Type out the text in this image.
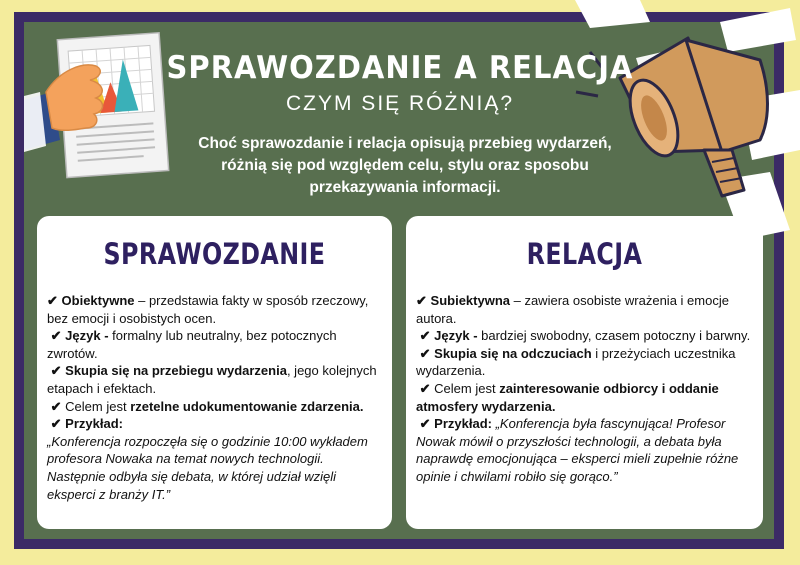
SPRAWOZDANIE A RELACJA
CZYM SIĘ RÓŻNIĄ?
Choć sprawozdanie i relacja opisują przebieg wydarzeń, różnią się pod względem celu, stylu oraz sposobu przekazywania informacji.
SPRAWOZDANIE

✔ Obiektywne – przedstawia fakty w sposób rzeczowy, bez emocji i osobistych ocen.

✔ Język - formalny lub neutralny, bez potocznych zwrotów.

✔ Skupia się na przebiegu wydarzenia, jego kolejnych etapach i efektach.

✔ Celem jest rzetelne udokumentowanie zdarzenia.

✔ Przykład:

„Konferencja rozpoczęła się o godzinie 10:00 wykładem profesora Nowaka na temat nowych technologii. Następnie odbyła się debata, w której udział wzięli eksperci z branży IT.”

RELACJA

✔ Subiektywna – zawiera osobiste wrażenia i emocje autora.

✔ Język - bardziej swobodny, czasem potoczny i barwny.

✔ Skupia się na odczuciach i przeżyciach uczestnika wydarzenia.

✔ Celem jest zainteresowanie odbiorcy i oddanie atmosfery wydarzenia.

✔ Przykład: „Konferencja była fascynująca! Profesor Nowak mówił o przyszłości technologii, a debata była naprawdę emocjonująca – eksperci mieli zupełnie różne opinie i chwilami robiło się gorąco.”
